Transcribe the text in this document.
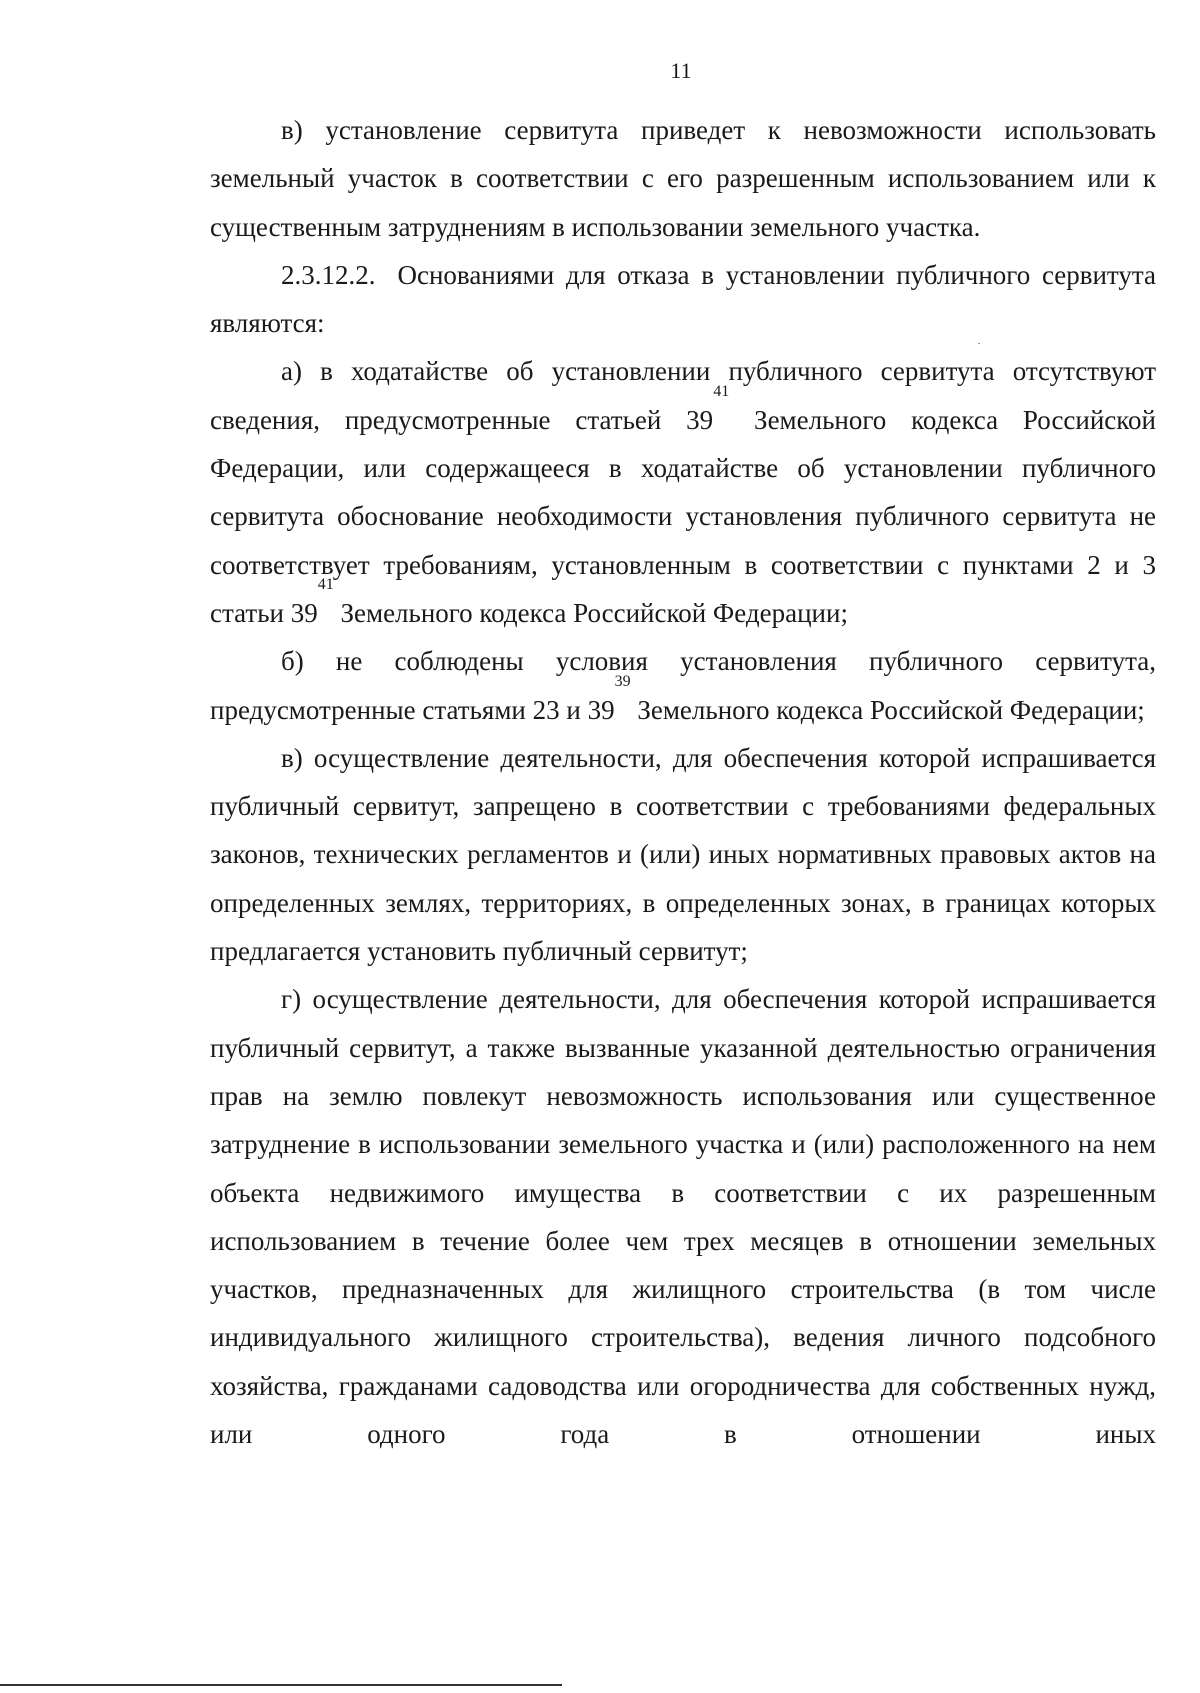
11

в) установление сервитута приведет к невозможности использовать земельный участок в соответствии с его разрешенным использованием или к существенным затруднениям в использовании земельного участка.

2.3.12.2. Основаниями для отказа в установлении публичного сервитута являются:

а) в ходатайстве об установлении публичного сервитута отсутствуют сведения, предусмотренные статьей $39^{41}$ Земельного кодекса Российской Федерации, или содержащееся в ходатайстве об установлении публичного сервитута обоснование необходимости установления публичного сервитута не соответствует требованиям, установленным в соответствии с пунктами 2 и 3 статьи $39^{41}$ Земельного кодекса Российской Федерации;

б) не соблюдены условия установления публичного сервитута, предусмотренные статьями 23 и $39^{39}$ Земельного кодекса Российской Федерации;

в) осуществление деятельности, для обеспечения которой испрашивается публичный сервитут, запрещено в соответствии с требованиями федеральных законов, технических регламентов и (или) иных нормативных правовых актов на определенных землях, территориях, в определенных зонах, в границах которых предлагается установить публичный сервитут;

г) осуществление деятельности, для обеспечения которой испрашивается публичный сервитут, а также вызванные указанной деятельностью ограничения прав на землю повлекут невозможность использования или существенное затруднение в использовании земельного участка и (или) расположенного на нем объекта недвижимого имущества в соответствии с их разрешенным использованием в течение более чем трех месяцев в отношении земельных участков, предназначенных для жилищного строительства (в том числе индивидуального жилищного строительства), ведения личного подсобного хозяйства, гражданами садоводства или огородничества для собственных нужд, или одного года в отношении иных
